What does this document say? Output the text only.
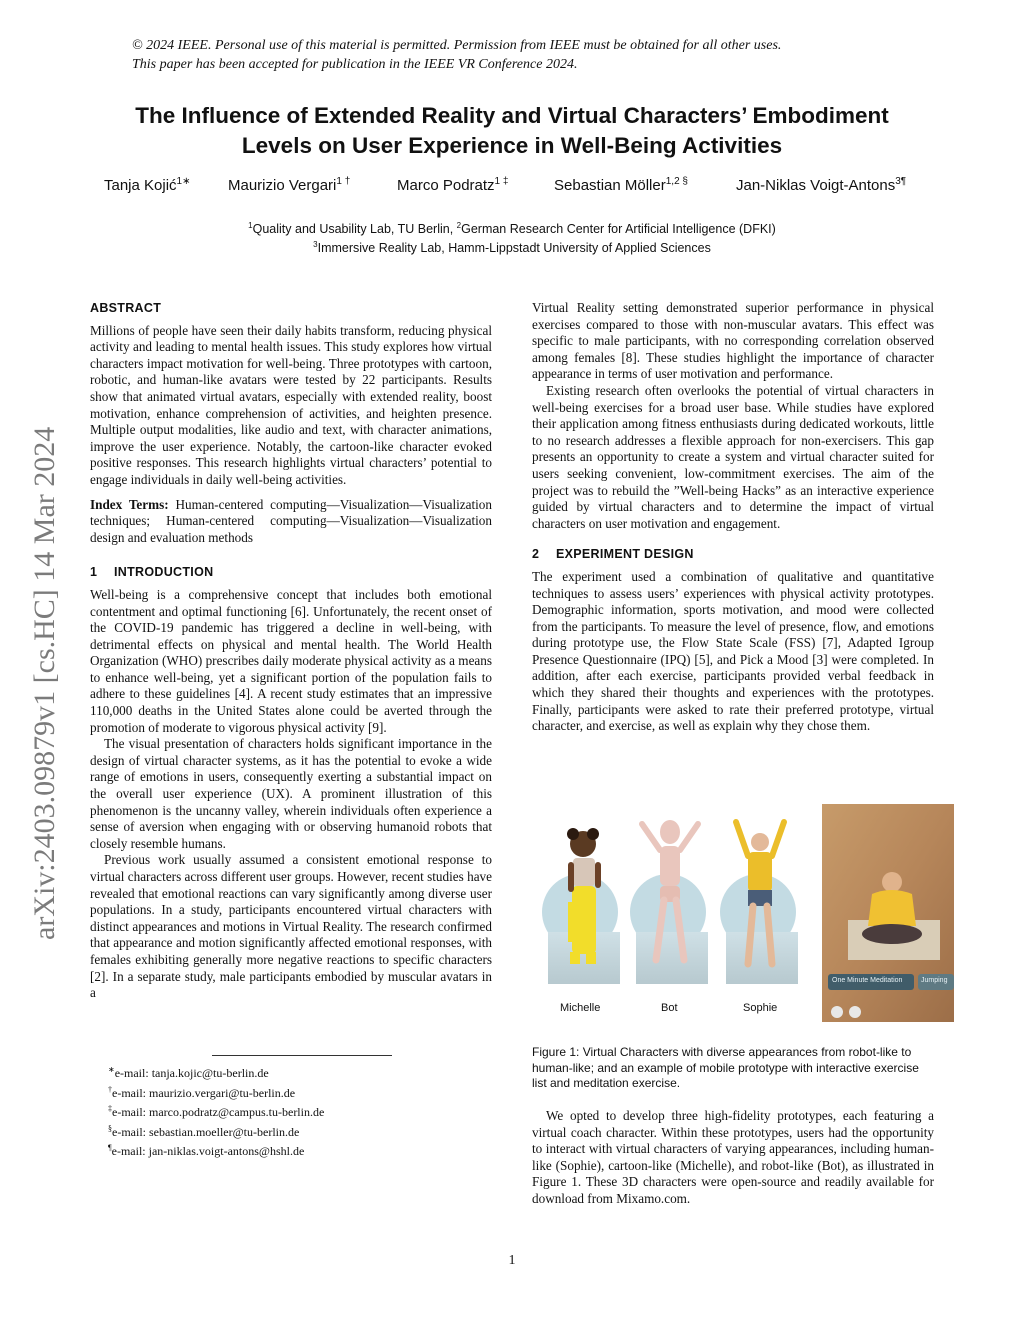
© 2024 IEEE. Personal use of this material is permitted. Permission from IEEE must be obtained for all other uses.
This paper has been accepted for publication in the IEEE VR Conference 2024.
The Influence of Extended Reality and Virtual Characters’ Embodiment
Levels on User Experience in Well-Being Activities
Tanja Kojić$^{1∗}$	Maurizio Vergari$^{1 \dagger}$	Marco Podratz$^{1 \ddagger}$	Sebastian Möller$^{1,2 \S}$	Jan-Niklas Voigt-Antons$^{3\P}$
$^1$Quality and Usability Lab, TU Berlin, $^2$German Research Center for Artificial Intelligence (DFKI)
$^3$Immersive Reality Lab, Hamm-Lippstadt University of Applied Sciences
arXiv:2403.09879v1 [cs.HC] 14 Mar 2024
ABSTRACT

Millions of people have seen their daily habits transform, reducing physical activity and leading to mental health issues. This study explores how virtual characters impact motivation for well-being. Three prototypes with cartoon, robotic, and human-like avatars were tested by 22 participants. Results show that animated virtual avatars, especially with extended reality, boost motivation, enhance comprehension of activities, and heighten presence. Multiple output modalities, like audio and text, with character animations, improve the user experience. Notably, the cartoon-like character evoked positive responses. This research highlights virtual characters’ potential to engage individuals in daily well-being activities.

Index Terms: Human-centered computing—Visualization—Visualization techniques; Human-centered computing—Visualization—Visualization design and evaluation methods

1 INTRODUCTION

Well-being is a comprehensive concept that includes both emotional contentment and optimal functioning [6]. Unfortunately, the recent onset of the COVID-19 pandemic has triggered a decline in well-being, with detrimental effects on physical and mental health. The World Health Organization (WHO) prescribes daily moderate physical activity as a means to enhance well-being, yet a significant portion of the population fails to adhere to these guidelines [4]. A recent study estimates that an impressive 110,000 deaths in the United States alone could be averted through the promotion of moderate to vigorous physical activity [9].

The visual presentation of characters holds significant importance in the design of virtual character systems, as it has the potential to evoke a wide range of emotions in users, consequently exerting a substantial impact on the overall user experience (UX). A prominent illustration of this phenomenon is the uncanny valley, wherein individuals often experience a sense of aversion when engaging with or observing humanoid robots that closely resemble humans.

Previous work usually assumed a consistent emotional response to virtual characters across different user groups. However, recent studies have revealed that emotional reactions can vary significantly among diverse user populations. In a study, participants encountered virtual characters with distinct appearances and motions in Virtual Reality. The research confirmed that appearance and motion significantly affected emotional responses, with females exhibiting generally more negative reactions to specific characters [2]. In a separate study, male participants embodied by muscular avatars in a

∗e-mail: tanja.kojic@tu-berlin.de
†e-mail: maurizio.vergari@tu-berlin.de
‡e-mail: marco.podratz@campus.tu-berlin.de
§e-mail: sebastian.moeller@tu-berlin.de
¶e-mail: jan-niklas.voigt-antons@hshl.de

Virtual Reality setting demonstrated superior performance in physical exercises compared to those with non-muscular avatars. This effect was specific to male participants, with no corresponding correlation observed among females [8]. These studies highlight the importance of character appearance in terms of user motivation and performance.

Existing research often overlooks the potential of virtual characters in well-being exercises for a broad user base. While studies have explored their application among fitness enthusiasts during dedicated workouts, little to no research addresses a flexible approach for non-exercisers. This gap presents an opportunity to create a system and virtual character suited for users seeking convenient, low-commitment exercises. The aim of the project was to rebuild the ”Well-being Hacks” as an interactive experience guided by virtual characters and to determine the impact of virtual characters on user motivation and engagement.

2 EXPERIMENT DESIGN

The experiment used a combination of qualitative and quantitative techniques to assess users’ experiences with physical activity prototypes. Demographic information, sports motivation, and mood were collected from the participants. To measure the level of presence, flow, and emotions during prototype use, the Flow State Scale (FSS) [7], Adapted Igroup Presence Questionnaire (IPQ) [5], and Pick a Mood [3] were completed. In addition, after each exercise, participants provided verbal feedback in which they shared their thoughts and experiences with the prototypes. Finally, participants were asked to rate their preferred prototype, virtual character, and exercise, as well as explain why they chose them.

Michelle	Bot	Sophie
One Minute Meditation	Jumping
Figure 1: Virtual Characters with diverse appearances from robot-like to human-like; and an example of mobile prototype with interactive exercise list and meditation exercise.

We opted to develop three high-fidelity prototypes, each featuring a virtual coach character. Within these prototypes, users had the opportunity to interact with virtual characters of varying appearances, including human-like (Sophie), cartoon-like (Michelle), and robot-like (Bot), as illustrated in Figure 1. These 3D characters were open-source and readily available for download from Mixamo.com.

1
